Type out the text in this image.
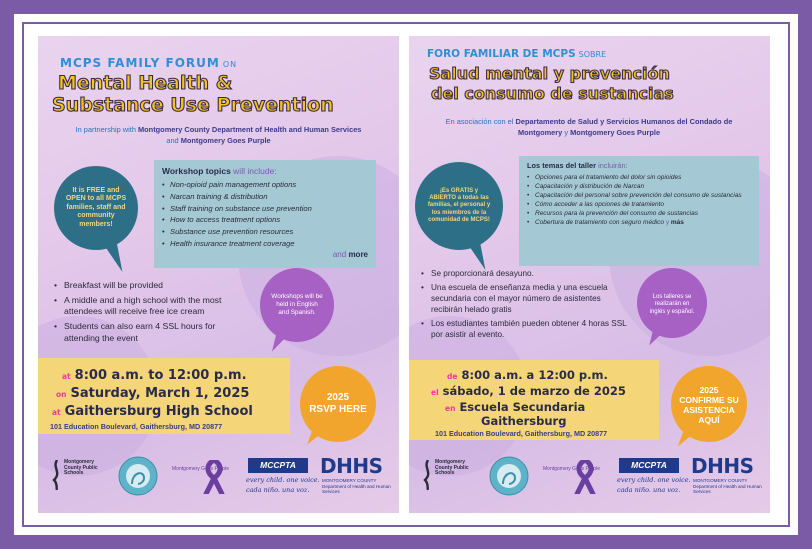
MCPS FAMILY FORUM ON
Mental Health &
Substance Use Prevention
In partnership with Montgomery County Department of Health and Human Services
and Montgomery Goes Purple
It is FREE and OPEN to all MCPS families, staff and community members!
Workshop topics will include:
• Non-opioid pain management options
• Narcan training & distribution
• Staff training on substance use prevention
• How to access treatment options
• Substance use prevention resources
• Health insurance treatment coverage
and more
• Breakfast will be provided
• A middle and a high school with the most attendees will receive free ice cream
• Students can also earn 4 SSL hours for attending the event
Workshops will be held in English and Spanish.
at 8:00 a.m. to 12:00 p.m.
on Saturday, March 1, 2025
at Gaithersburg High School
101 Education Boulevard, Gaithersburg, MD 20877
2025
RSVP HERE
Montgomery County Public Schools
Montgomery Goes Purple	MCCPTA
every child. one voice.
cada niño. una voz.
DHHS
MONTGOMERY COUNTY
Department of Health and Human Services
FORO FAMILIAR DE MCPS SOBRE
Salud mental y prevención
del consumo de sustancias
En asociación con el Departamento de Salud y Servicios Humanos del Condado de Montgomery y Montgomery Goes Purple
¡Es GRATIS y ABIERTO a todas las familias, el personal y los miembros de la comunidad de MCPS!
Los temas del taller incluirán:
• Opciones para el tratamiento del dolor sin opioides
• Capacitación y distribución de Narcan
• Capacitación del personal sobre prevención del consumo de sustancias
• Cómo acceder a las opciones de tratamiento
• Recursos para la prevención del consumo de sustancias
• Cobertura de tratamiento con seguro médico y más
• Se proporcionará desayuno.
• Una escuela de enseñanza media y una escuela secundaria con el mayor número de asistentes recibirán helado gratis
• Los estudiantes también pueden obtener 4 horas SSL por asistir al evento.
Los talleres se realizarán en inglés y español.
de 8:00 a.m. a 12:00 p.m.
el sábado, 1 de marzo de 2025
en Escuela Secundaria
Gaithersburg
101 Education Boulevard, Gaithersburg, MD 20877
2025
CONFIRME SU ASISTENCIA AQUÍ
Montgomery County Public Schools
Montgomery Goes Purple	MCCPTA
every child. one voice.
cada niño. una voz.
DHHS
MONTGOMERY COUNTY
Department of Health and Human Services
